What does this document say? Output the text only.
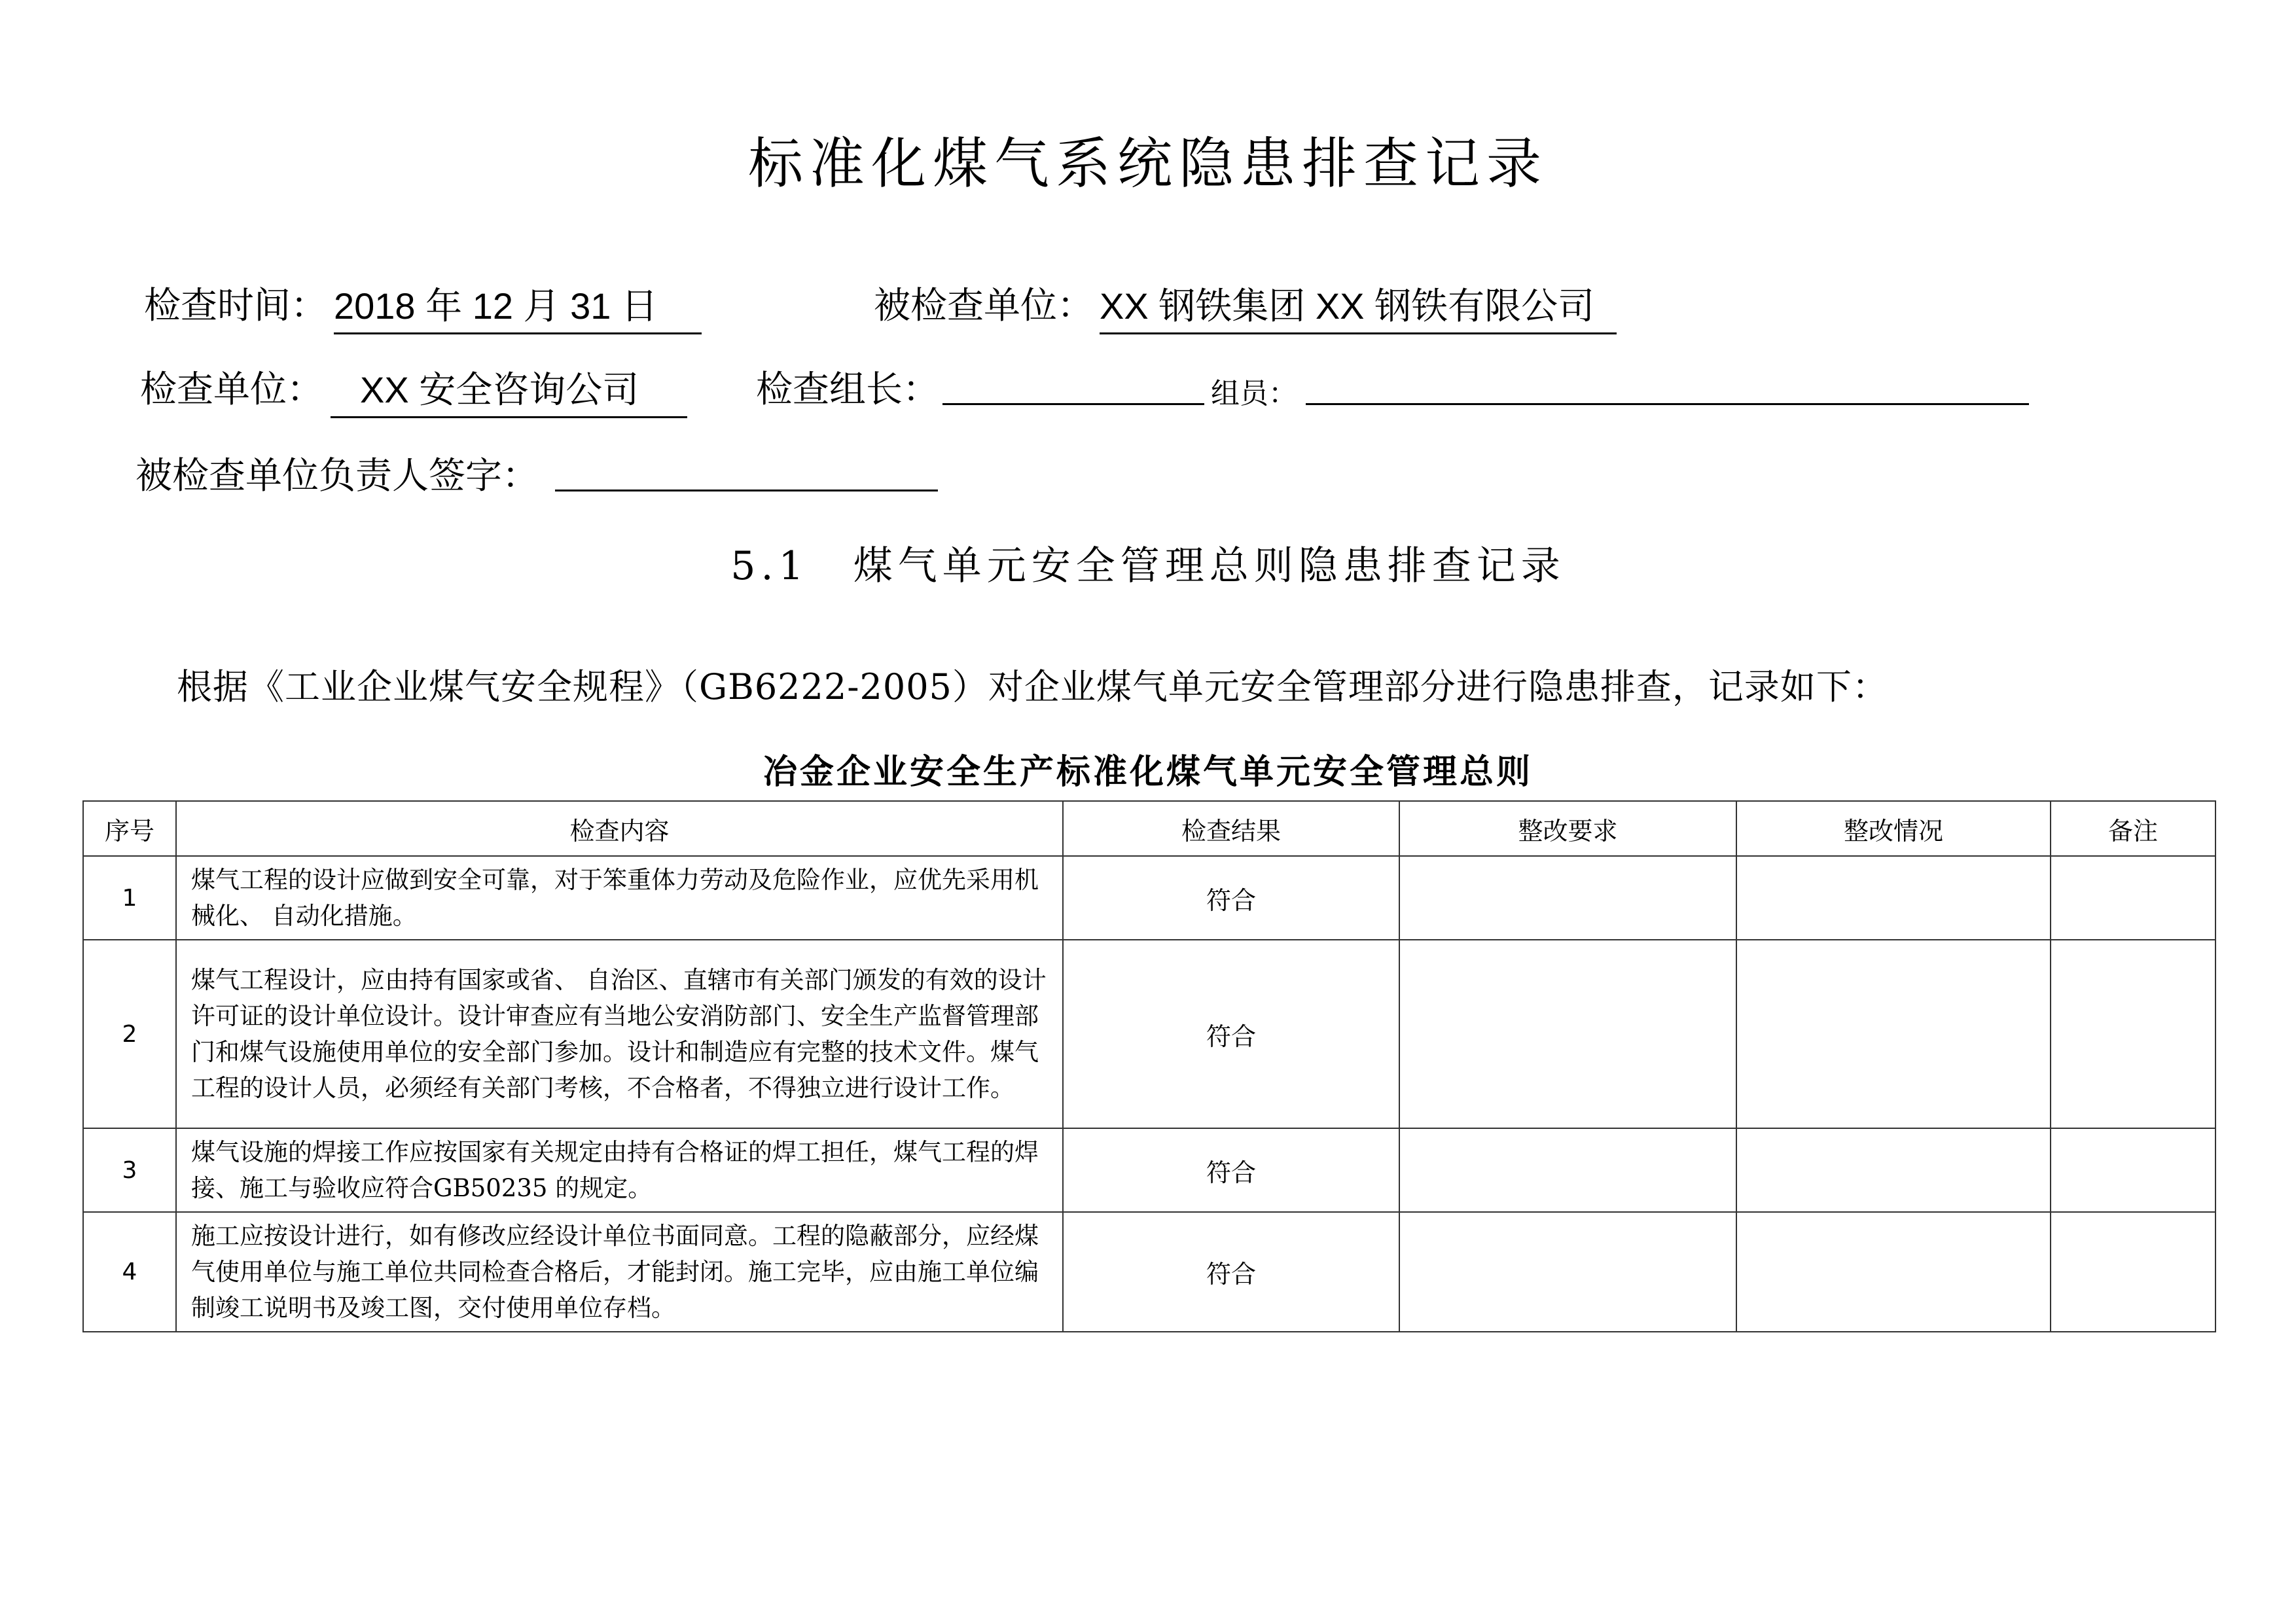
标准化煤气系统隐患排查记录
检查时间： 2018 年 12 月 31 日	被检查单位： XX 钢铁集团 XX 钢铁有限公司
检查单位：	XX 安全咨询公司	检查组长：	组员：
被检查单位负责人签字：
5.1　煤气单元安全管理总则隐患排查记录
根据《工业企业煤气安全规程》（GB6222-2005）对企业煤气单元安全管理部分进行隐患排查，记录如下：
冶金企业安全生产标准化煤气单元安全管理总则
序号	检查内容	检查结果	整改要求	整改情况	备注
1	煤气工程的设计应做到安全可靠，对于笨重体力劳动及危险作业，应优先采用机械化、 自动化措施。	符合			
2	煤气工程设计，应由持有国家或省、 自治区、直辖市有关部门颁发的有效的设计许可证的设计单位设计。设计审查应有当地公安消防部门、安全生产监督管理部门和煤气设施使用单位的安全部门参加。设计和制造应有完整的技术文件。煤气工程的设计人员，必须经有关部门考核，不合格者，不得独立进行设计工作。	符合			
3	煤气设施的焊接工作应按国家有关规定由持有合格证的焊工担任，煤气工程的焊接、施工与验收应符合GB50235 的规定。	符合			
4	施工应按设计进行，如有修改应经设计单位书面同意。工程的隐蔽部分，应经煤气使用单位与施工单位共同检查合格后，才能封闭。施工完毕，应由施工单位编制竣工说明书及竣工图，交付使用单位存档。	符合			
